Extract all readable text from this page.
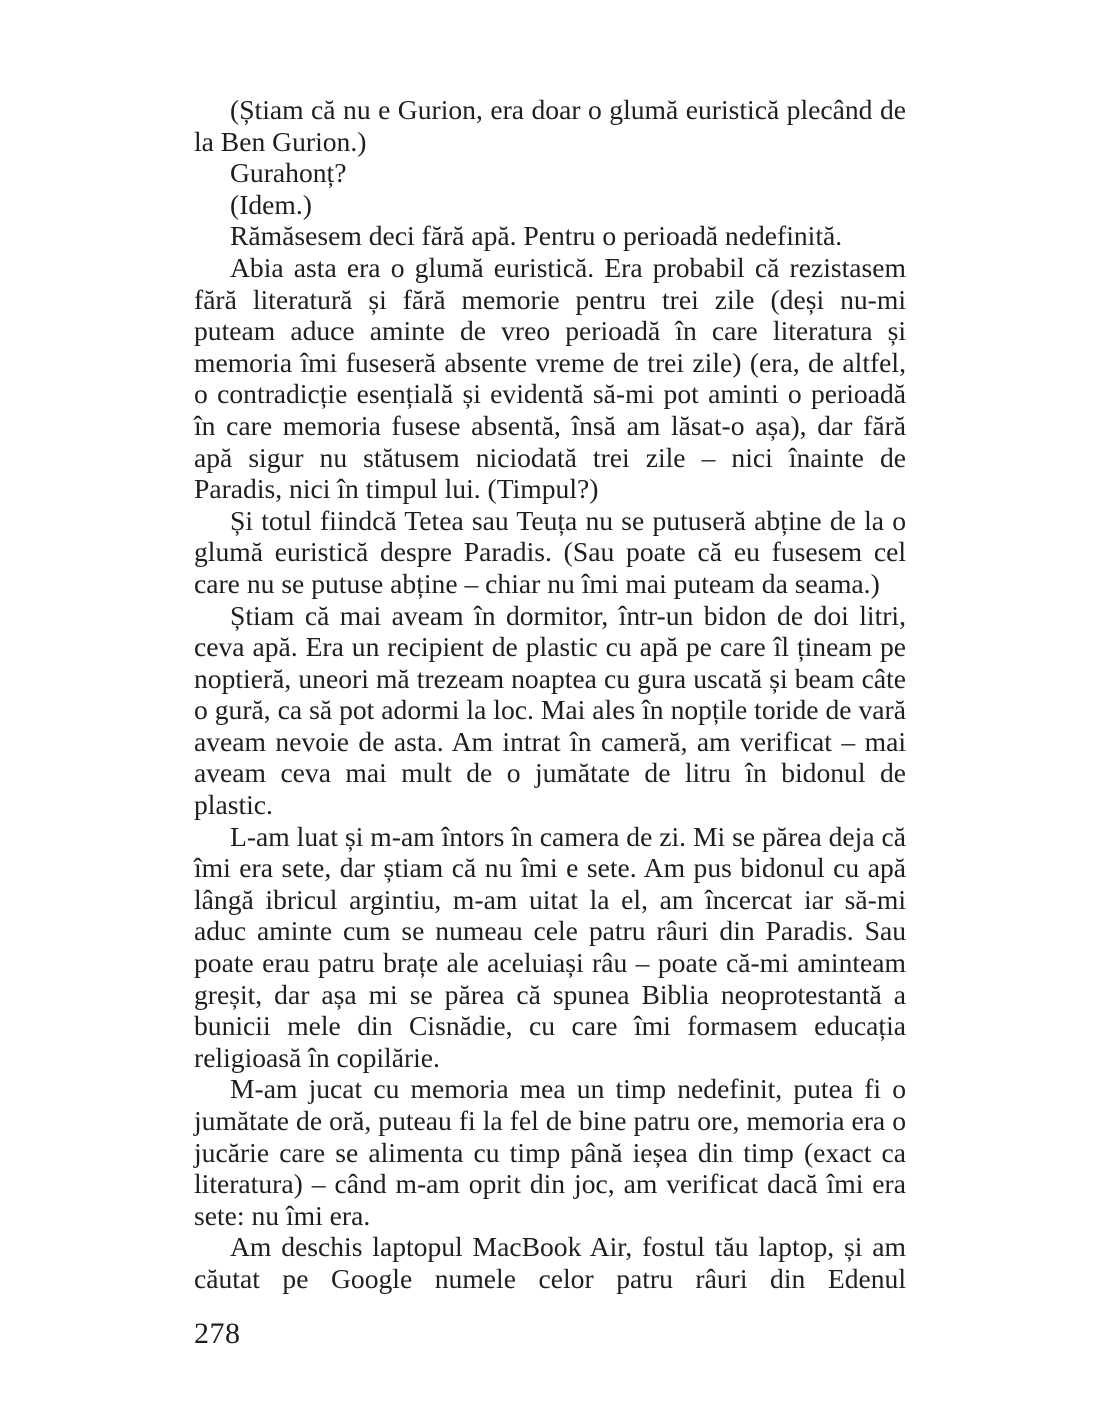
(Știam că nu e Gurion, era doar o glumă euristică plecând de la Ben Gurion.)

Gurahonț?

(Idem.)

Rămăsesem deci fără apă. Pentru o perioadă nedefinită.

Abia asta era o glumă euristică. Era probabil că rezistasem fără literatură și fără memorie pentru trei zile (deși nu-mi puteam aduce aminte de vreo perioadă în care literatura și memoria îmi fuseseră absente vreme de trei zile) (era, de altfel, o contradicție esențială și evidentă să-mi pot aminti o perioadă în care memoria fusese absentă, însă am lăsat-o așa), dar fără apă sigur nu stătusem niciodată trei zile – nici înainte de Paradis, nici în timpul lui. (Timpul?)

Și totul fiindcă Tetea sau Teuța nu se putuseră abține de la o glumă euristică despre Paradis. (Sau poate că eu fusesem cel care nu se putuse abține – chiar nu îmi mai puteam da seama.)

Știam că mai aveam în dormitor, într-un bidon de doi litri, ceva apă. Era un recipient de plastic cu apă pe care îl țineam pe noptieră, uneori mă trezeam noaptea cu gura uscată și beam câte o gură, ca să pot adormi la loc. Mai ales în nopțile toride de vară aveam nevoie de asta. Am intrat în cameră, am verificat – mai aveam ceva mai mult de o jumătate de litru în bidonul de plastic.

L-am luat și m-am întors în camera de zi. Mi se părea deja că îmi era sete, dar știam că nu îmi e sete. Am pus bidonul cu apă lângă ibricul argintiu, m-am uitat la el, am încercat iar să-mi aduc aminte cum se numeau cele patru râuri din Paradis. Sau poate erau patru brațe ale aceluiași râu – poate că-mi aminteam greșit, dar așa mi se părea că spunea Biblia neoprotestantă a bunicii mele din Cisnădie, cu care îmi formasem educația religioasă în copilărie.

M-am jucat cu memoria mea un timp nedefinit, putea fi o jumătate de oră, puteau fi la fel de bine patru ore, memoria era o jucărie care se alimenta cu timp până ieșea din timp (exact ca literatura) – când m-am oprit din joc, am verificat dacă îmi era sete: nu îmi era.

Am deschis laptopul MacBook Air, fostul tău laptop, și am căutat pe Google numele celor patru râuri din Edenul

278
